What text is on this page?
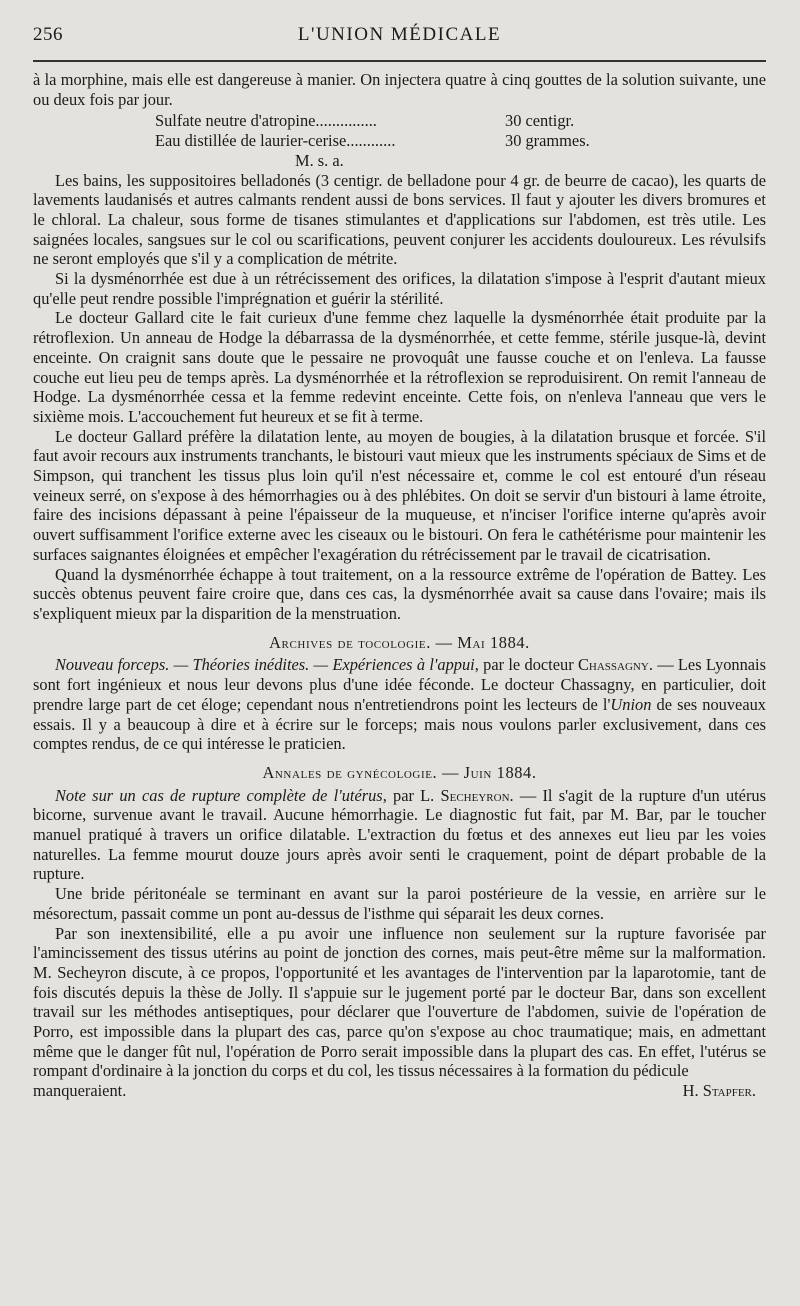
256	L'UNION MÉDICALE

à la morphine, mais elle est dangereuse à manier. On injectera quatre à cinq gouttes de la solution suivante, une ou deux fois par jour.

Sulfate neutre d'atropine...............	30 centigr.
Eau distillée de laurier-cerise............	30 grammes.
M. s. a.

Les bains, les suppositoires belladonés (3 centigr. de belladone pour 4 gr. de beurre de cacao), les quarts de lavements laudanisés et autres calmants rendent aussi de bons services. Il faut y ajouter les divers bromures et le chloral. La chaleur, sous forme de tisanes stimulantes et d'applications sur l'abdomen, est très utile. Les saignées locales, sangsues sur le col ou scarifications, peuvent conjurer les accidents douloureux. Les révulsifs ne seront employés que s'il y a complication de métrite.

Si la dysménorrhée est due à un rétrécissement des orifices, la dilatation s'impose à l'esprit d'autant mieux qu'elle peut rendre possible l'imprégnation et guérir la stérilité.

Le docteur Gallard cite le fait curieux d'une femme chez laquelle la dysménorrhée était produite par la rétroflexion. Un anneau de Hodge la débarrassa de la dysménorrhée, et cette femme, stérile jusque-là, devint enceinte. On craignit sans doute que le pessaire ne provoquât une fausse couche et on l'enleva. La fausse couche eut lieu peu de temps après. La dysménorrhée et la rétroflexion se reproduisirent. On remit l'anneau de Hodge. La dysménorrhée cessa et la femme redevint enceinte. Cette fois, on n'enleva l'anneau que vers le sixième mois. L'accouchement fut heureux et se fit à terme.

Le docteur Gallard préfère la dilatation lente, au moyen de bougies, à la dilatation brusque et forcée. S'il faut avoir recours aux instruments tranchants, le bistouri vaut mieux que les instruments spéciaux de Sims et de Simpson, qui tranchent les tissus plus loin qu'il n'est nécessaire et, comme le col est entouré d'un réseau veineux serré, on s'expose à des hémorrhagies ou à des phlébites. On doit se servir d'un bistouri à lame étroite, faire des incisions dépassant à peine l'épaisseur de la muqueuse, et n'inciser l'orifice interne qu'après avoir ouvert suffisamment l'orifice externe avec les ciseaux ou le bistouri. On fera le cathétérisme pour maintenir les surfaces saignantes éloignées et empêcher l'exagération du rétrécissement par le travail de cicatrisation.

Quand la dysménorrhée échappe à tout traitement, on a la ressource extrême de l'opération de Battey. Les succès obtenus peuvent faire croire que, dans ces cas, la dysménorrhée avait sa cause dans l'ovaire; mais ils s'expliquent mieux par la disparition de la menstruation.

Archives de tocologie. — Mai 1884.

Nouveau forceps. — Théories inédites. — Expériences à l'appui, par le docteur Chassagny. — Les Lyonnais sont fort ingénieux et nous leur devons plus d'une idée féconde. Le docteur Chassagny, en particulier, doit prendre large part de cet éloge; cependant nous n'entretiendrons point les lecteurs de l'Union de ses nouveaux essais. Il y a beaucoup à dire et à écrire sur le forceps; mais nous voulons parler exclusivement, dans ces comptes rendus, de ce qui intéresse le praticien.

Annales de gynécologie. — Juin 1884.

Note sur un cas de rupture complète de l'utérus, par L. Secheyron. — Il s'agit de la rupture d'un utérus bicorne, survenue avant le travail. Aucune hémorrhagie. Le diagnostic fut fait, par M. Bar, par le toucher manuel pratiqué à travers un orifice dilatable. L'extraction du fœtus et des annexes eut lieu par les voies naturelles. La femme mourut douze jours après avoir senti le craquement, point de départ probable de la rupture.

Une bride péritonéale se terminant en avant sur la paroi postérieure de la vessie, en arrière sur le mésorectum, passait comme un pont au-dessus de l'isthme qui séparait les deux cornes.

Par son inextensibilité, elle a pu avoir une influence non seulement sur la rupture favorisée par l'amincissement des tissus utérins au point de jonction des cornes, mais peut-être même sur la malformation. M. Secheyron discute, à ce propos, l'opportunité et les avantages de l'intervention par la laparotomie, tant de fois discutés depuis la thèse de Jolly. Il s'appuie sur le jugement porté par le docteur Bar, dans son excellent travail sur les méthodes antiseptiques, pour déclarer que l'ouverture de l'abdomen, suivie de l'opération de Porro, est impossible dans la plupart des cas, parce qu'on s'expose au choc traumatique; mais, en admettant même que le danger fût nul, l'opération de Porro serait impossible dans la plupart des cas. En effet, l'utérus se rompant d'ordinaire à la jonction du corps et du col, les tissus nécessaires à la formation du pédicule

manqueraient.	H. Stapfer.
